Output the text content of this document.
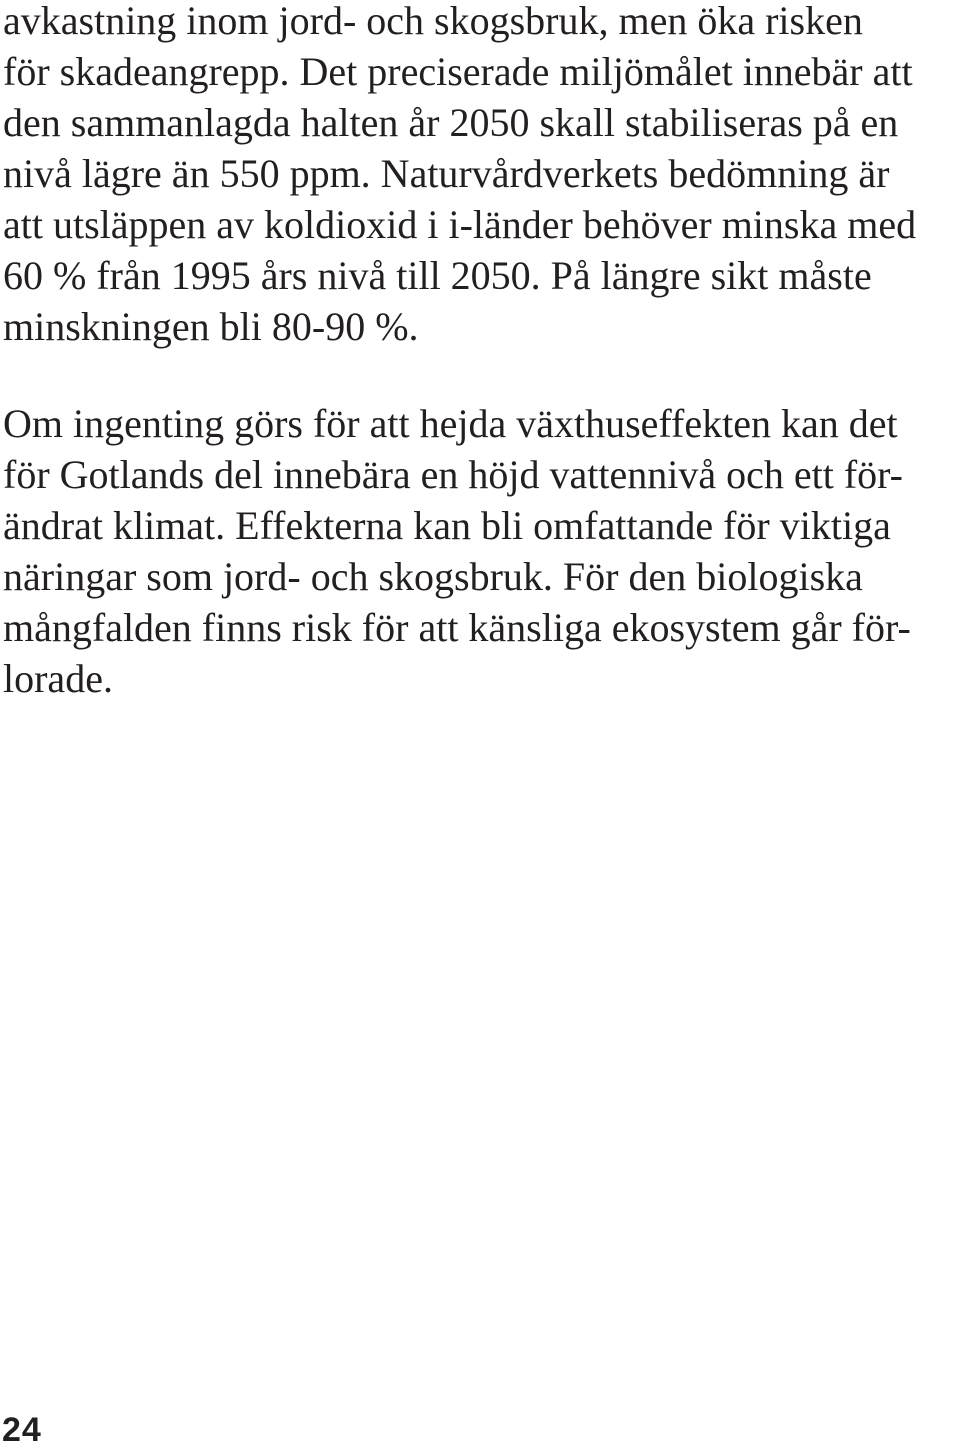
avkastning inom jord- och skogsbruk, men öka risken
för skadeangrepp. Det preciserade miljömålet innebär att
den sammanlagda halten år 2050 skall stabiliseras på en
nivå lägre än 550 ppm. Naturvårdverkets bedömning är
att utsläppen av koldioxid i i-länder behöver minska med
60 % från 1995 års nivå till 2050. På längre sikt måste
minskningen bli 80-90 %.

Om ingenting görs för att hejda växthuseffekten kan det
för Gotlands del innebära en höjd vattennivå och ett för-
ändrat klimat. Effekterna kan bli omfattande för viktiga
näringar som jord- och skogsbruk. För den biologiska
mångfalden finns risk för att känsliga ekosystem går för-
lorade.

24
